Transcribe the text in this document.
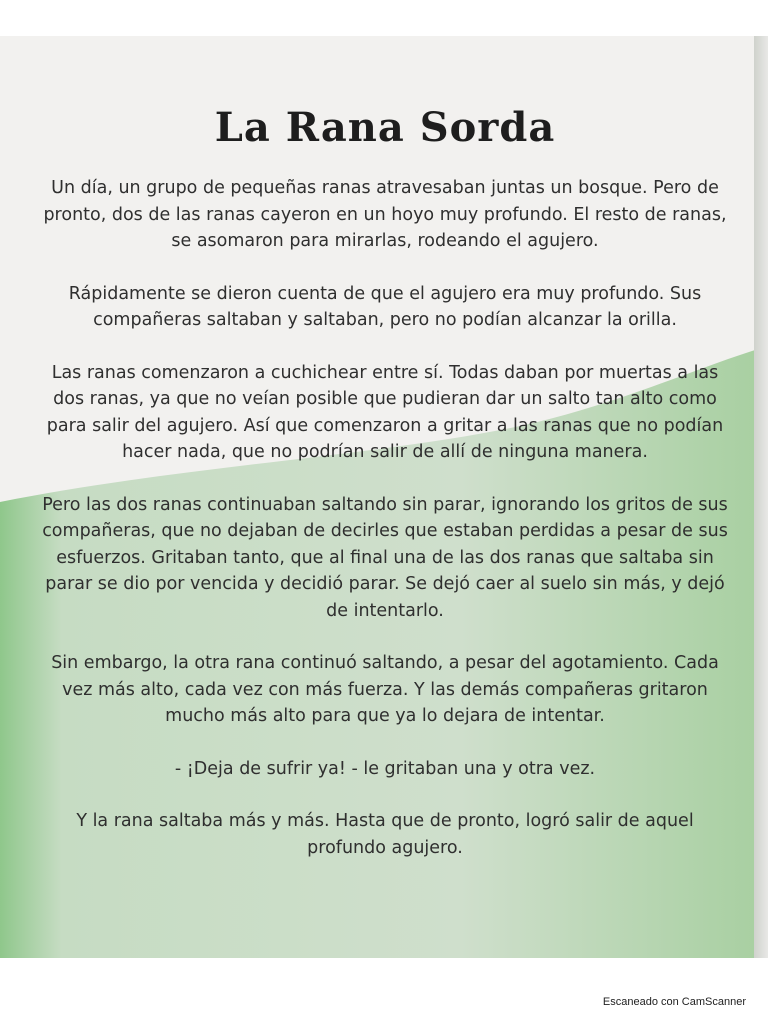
La Rana Sorda

Un día, un grupo de pequeñas ranas atravesaban juntas un bosque. Pero de pronto, dos de las ranas cayeron en un hoyo muy profundo. El resto de ranas, se asomaron para mirarlas, rodeando el agujero.

Rápidamente se dieron cuenta de que el agujero era muy profundo. Sus compañeras saltaban y saltaban, pero no podían alcanzar la orilla.

Las ranas comenzaron a cuchichear entre sí. Todas daban por muertas a las dos ranas, ya que no veían posible que pudieran dar un salto tan alto como para salir del agujero. Así que comenzaron a gritar a las ranas que no podían hacer nada, que no podrían salir de allí de ninguna manera.

Pero las dos ranas continuaban saltando sin parar, ignorando los gritos de sus compañeras, que no dejaban de decirles que estaban perdidas a pesar de sus esfuerzos. Gritaban tanto, que al final una de las dos ranas que saltaba sin parar se dio por vencida y decidió parar. Se dejó caer al suelo sin más, y dejó de intentarlo.

Sin embargo, la otra rana continuó saltando, a pesar del agotamiento. Cada vez más alto, cada vez con más fuerza. Y las demás compañeras gritaron mucho más alto para que ya lo dejara de intentar.

- ¡Deja de sufrir ya! - le gritaban una y otra vez.

Y la rana saltaba más y más. Hasta que de pronto, logró salir de aquel profundo agujero.

Escaneado con CamScanner
